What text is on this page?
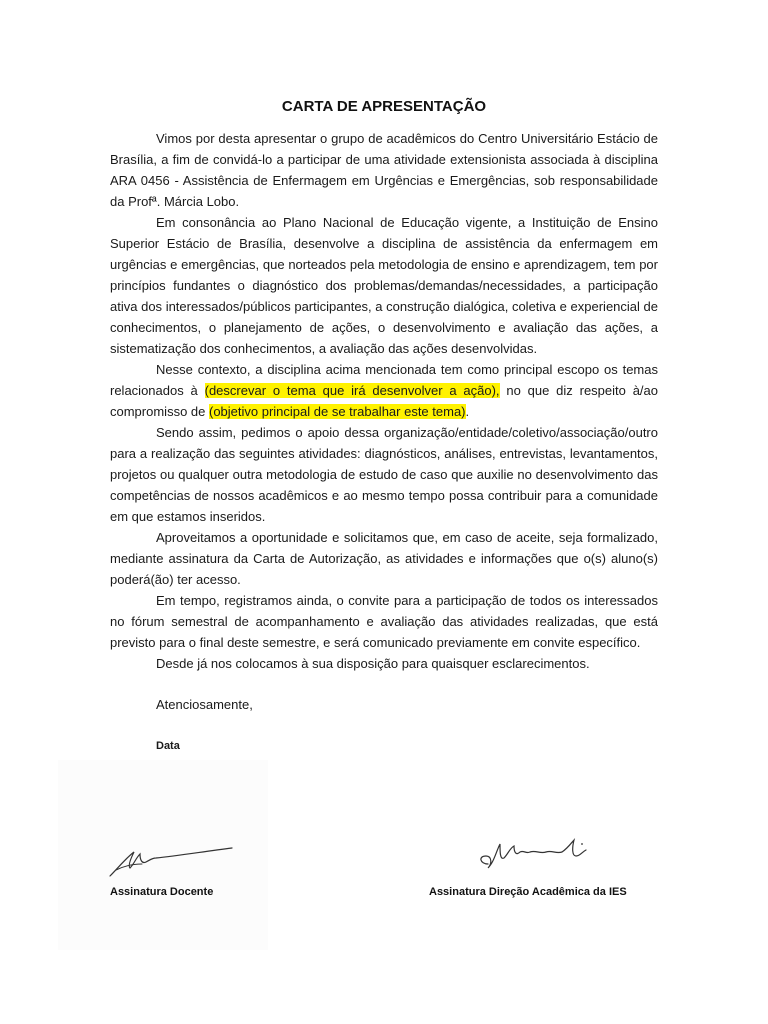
CARTA DE APRESENTAÇÃO

Vimos por desta apresentar o grupo de acadêmicos do Centro Universitário Estácio de Brasília, a fim de convidá-lo a participar de uma atividade extensionista associada à disciplina ARA 0456 - Assistência de Enfermagem em Urgências e Emergências, sob responsabilidade da Profª. Márcia Lobo.

Em consonância ao Plano Nacional de Educação vigente, a Instituição de Ensino Superior Estácio de Brasília, desenvolve a disciplina de assistência da enfermagem em urgências e emergências, que norteados pela metodologia de ensino e aprendizagem, tem por princípios fundantes o diagnóstico dos problemas/demandas/necessidades, a participação ativa dos interessados/públicos participantes, a construção dialógica, coletiva e experiencial de conhecimentos, o planejamento de ações, o desenvolvimento e avaliação das ações, a sistematização dos conhecimentos, a avaliação das ações desenvolvidas.

Nesse contexto, a disciplina acima mencionada tem como principal escopo os temas relacionados à (descrevar o tema que irá desenvolver a ação), no que diz respeito à/ao compromisso de (objetivo principal de se trabalhar este tema).

Sendo assim, pedimos o apoio dessa organização/entidade/coletivo/associação/outro para a realização das seguintes atividades: diagnósticos, análises, entrevistas, levantamentos, projetos ou qualquer outra metodologia de estudo de caso que auxilie no desenvolvimento das competências de nossos acadêmicos e ao mesmo tempo possa contribuir para a comunidade em que estamos inseridos.

Aproveitamos a oportunidade e solicitamos que, em caso de aceite, seja formalizado, mediante assinatura da Carta de Autorização, as atividades e informações que o(s) aluno(s) poderá(ão) ter acesso.

Em tempo, registramos ainda, o convite para a participação de todos os interessados no fórum semestral de acompanhamento e avaliação das atividades realizadas, que está previsto para o final deste semestre, e será comunicado previamente em convite específico.

Desde já nos colocamos à sua disposição para quaisquer esclarecimentos.

Atenciosamente,
Data
Assinatura Docente	Assinatura Direção Acadêmica da IES
